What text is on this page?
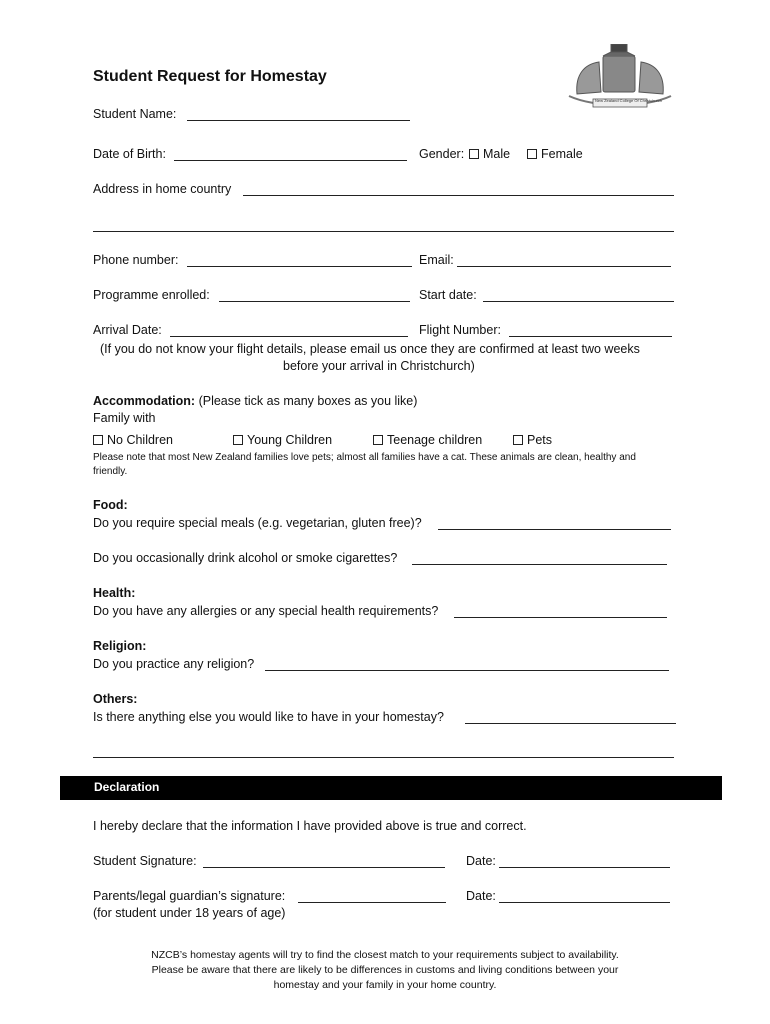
Student Request for Homestay
New Zealand College Of Christchurch
Student Name:
Date of Birth:	Gender:	Male	Female
Address in home country
Phone number:	Email:
Programme enrolled:	Start date:
Arrival Date:	Flight Number:
(If you do not know your flight details, please email us once they are confirmed at least two weeks
before your arrival in Christchurch)
Accommodation: (Please tick as many boxes as you like)
Family with
No Children	Young Children	Teenage children	Pets
Please note that most New Zealand families love pets; almost all families have a cat. These animals are clean, healthy and
friendly.
Food:
Do you require special meals (e.g. vegetarian, gluten free)?
Do you occasionally drink alcohol or smoke cigarettes?
Health:
Do you have any allergies or any special health requirements?
Religion:
Do you practice any religion?
Others:
Is there anything else you would like to have in your homestay?
Declaration
I hereby declare that the information I have provided above is true and correct.
Student Signature:	Date:
Parents/legal guardian’s signature:	Date:
(for student under 18 years of age)
NZCB’s homestay agents will try to find the closest match to your requirements subject to availability.
Please be aware that there are likely to be differences in customs and living conditions between your
homestay and your family in your home country.
